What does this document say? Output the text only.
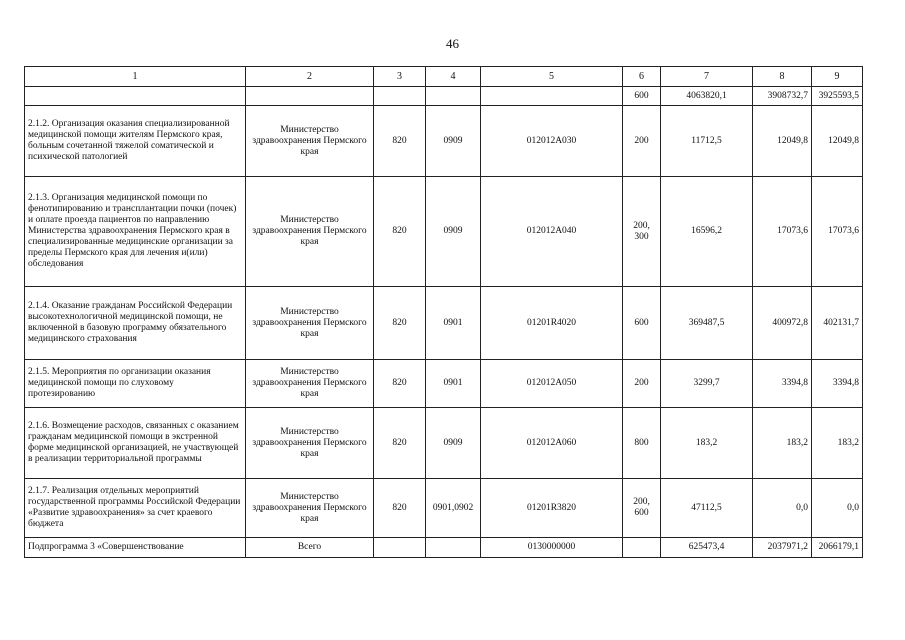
46
1	2	3	4	5	6	7	8	9
					600	4063820,1	3908732,7	3925593,5
2.1.2. Организация оказания специализированной медицинской помощи жителям Пермского края, больным сочетанной тяжелой соматической и психической патологией	Министерство здравоохранения Пермского края	820	0909	012012А030	200	11712,5	12049,8	12049,8
2.1.3. Организация медицинской помощи по фенотипированию и трансплантации почки (почек) и оплате проезда пациентов по направлению Министерства здравоохранения Пермского края в специализированные медицинские организации за пределы Пермского края для лечения и(или) обследования	Министерство здравоохранения Пермского края	820	0909	012012А040	200, 300	16596,2	17073,6	17073,6
2.1.4. Оказание гражданам Российской Федерации высокотехнологичной медицинской помощи, не включенной в базовую программу обязательного медицинского страхования	Министерство здравоохранения Пермского края	820	0901	01201R4020	600	369487,5	400972,8	402131,7
2.1.5. Мероприятия по организации оказания медицинской помощи по слуховому протезированию	Министерство здравоохранения Пермского края	820	0901	012012А050	200	3299,7	3394,8	3394,8
2.1.6. Возмещение расходов, связанных с оказанием гражданам медицинской помощи в экстренной форме медицинской организацией, не участвующей в реализации территориальной программы	Министерство здравоохранения Пермского края	820	0909	012012А060	800	183,2	183,2	183,2
2.1.7. Реализация отдельных мероприятий государственной программы Российской Федерации «Развитие здравоохранения» за счет краевого бюджета	Министерство здравоохранения Пермского края	820	0901,0902	01201R3820	200, 600	47112,5	0,0	0,0
Подпрограмма 3 «Совершенствование	Всего			0130000000		625473,4	2037971,2	2066179,1
